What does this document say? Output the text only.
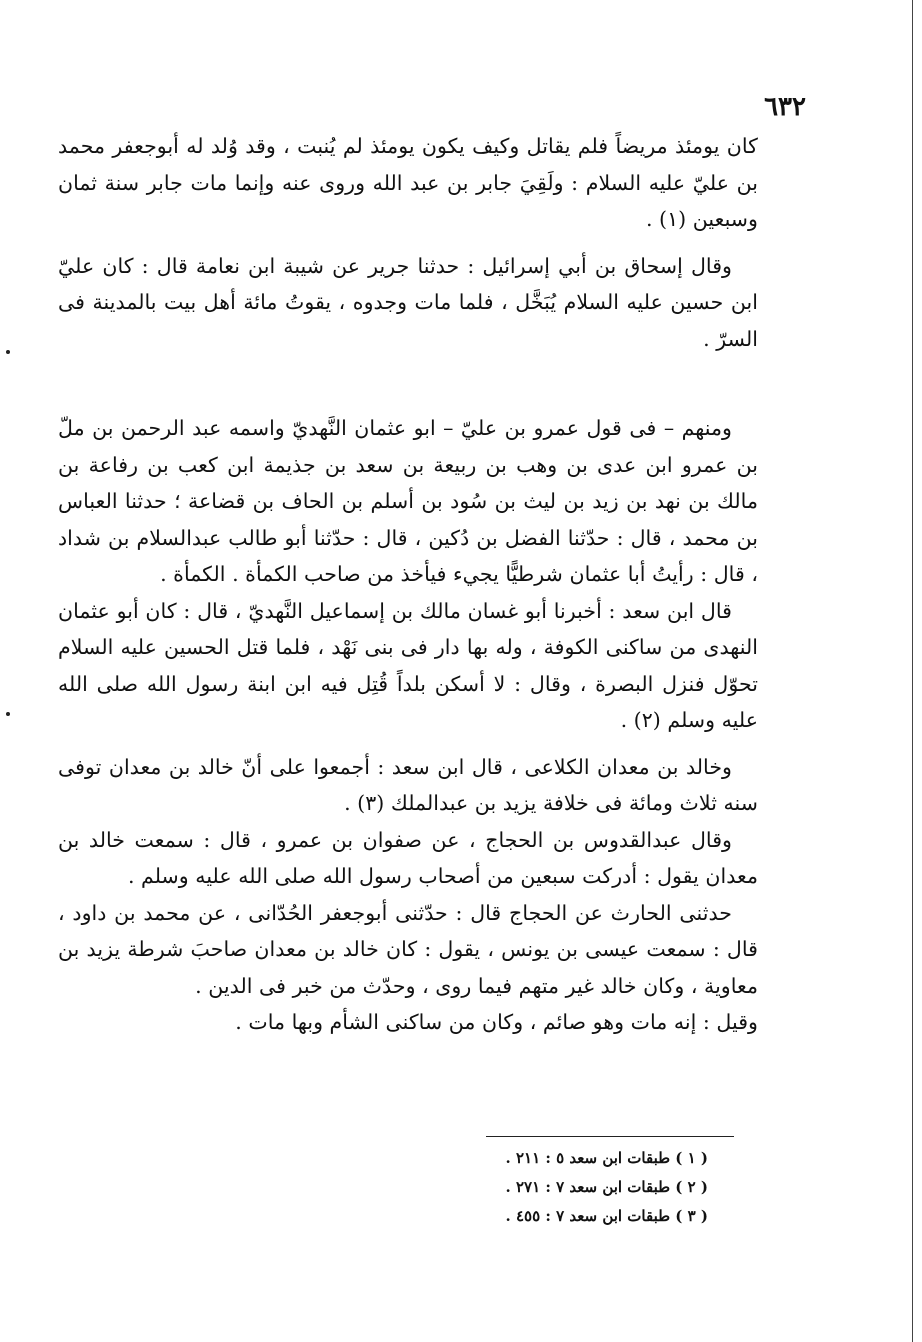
٦٣٢

كان يومئذ مريضاً فلم يقاتل وكيف يكون يومئذ لم يُنبت ، وقد وُلد له أبوجعفر محمد بن عليّ عليه السلام : ولَقِيَ جابر بن عبد الله وروى عنه وإنما مات جابر سنة ثمان وسبعين (١) .

وقال إسحاق بن أبي إسرائيل : حدثنا جرير عن شيبة ابن نعامة قال : كان عليّ ابن حسين عليه السلام يُبَخَّل ، فلما مات وجدوه ، يقوتُ مائة أهل بيت بالمدينة فى السرّ .

ومنهم – فى قول عمرو بن عليّ – ابو عثمان النَّهديّ واسمه عبد الرحمن بن ملّ بن عمرو ابن عدى بن وهب بن ربيعة بن سعد بن جذيمة ابن كعب بن رفاعة بن مالك بن نهد بن زيد بن ليث بن سُود بن أسلم بن الحاف بن قضاعة ؛ حدثنا العباس بن محمد ، قال : حدّثنا الفضل بن دُكين ، قال : حدّثنا أبو طالب عبدالسلام بن شداد ، قال : رأيتُ أبا عثمان شرطيًّا يجيء فيأخذ من صاحب الكمأة . الكمأة .

قال ابن سعد : أخبرنا أبو غسان مالك بن إسماعيل النَّهديّ ، قال : كان أبو عثمان النهدى من ساكنى الكوفة ، وله بها دار فى بنى نَهْد ، فلما قتل الحسين عليه السلام تحوّل فنزل البصرة ، وقال : لا أسكن بلداً قُتِل فيه ابن ابنة رسول الله صلى الله عليه وسلم (٢) .

وخالد بن معدان الكلاعى ، قال ابن سعد : أجمعوا على أنّ خالد بن معدان توفى سنه ثلاث ومائة فى خلافة يزيد بن عبدالملك (٣) .

وقال عبدالقدوس بن الحجاج ، عن صفوان بن عمرو ، قال : سمعت خالد بن معدان يقول : أدركت سبعين من أصحاب رسول الله صلى الله عليه وسلم .

حدثنى الحارث عن الحجاج قال : حدّثنى أبوجعفر الحُدّانى ، عن محمد بن داود ، قال : سمعت عيسى بن يونس ، يقول : كان خالد بن معدان صاحبَ شرطة يزيد بن معاوية ، وكان خالد غير متهم فيما روى ، وحدّث من خبر فى الدين .

وقيل : إنه مات وهو صائم ، وكان من ساكنى الشأم وبها مات .

( ١ ) طبقات ابن سعد ٥ : ٢١١ .
( ٢ ) طبقات ابن سعد ٧ : ٢٧١ .
( ٣ ) طبقات ابن سعد ٧ : ٤٥٥ .
